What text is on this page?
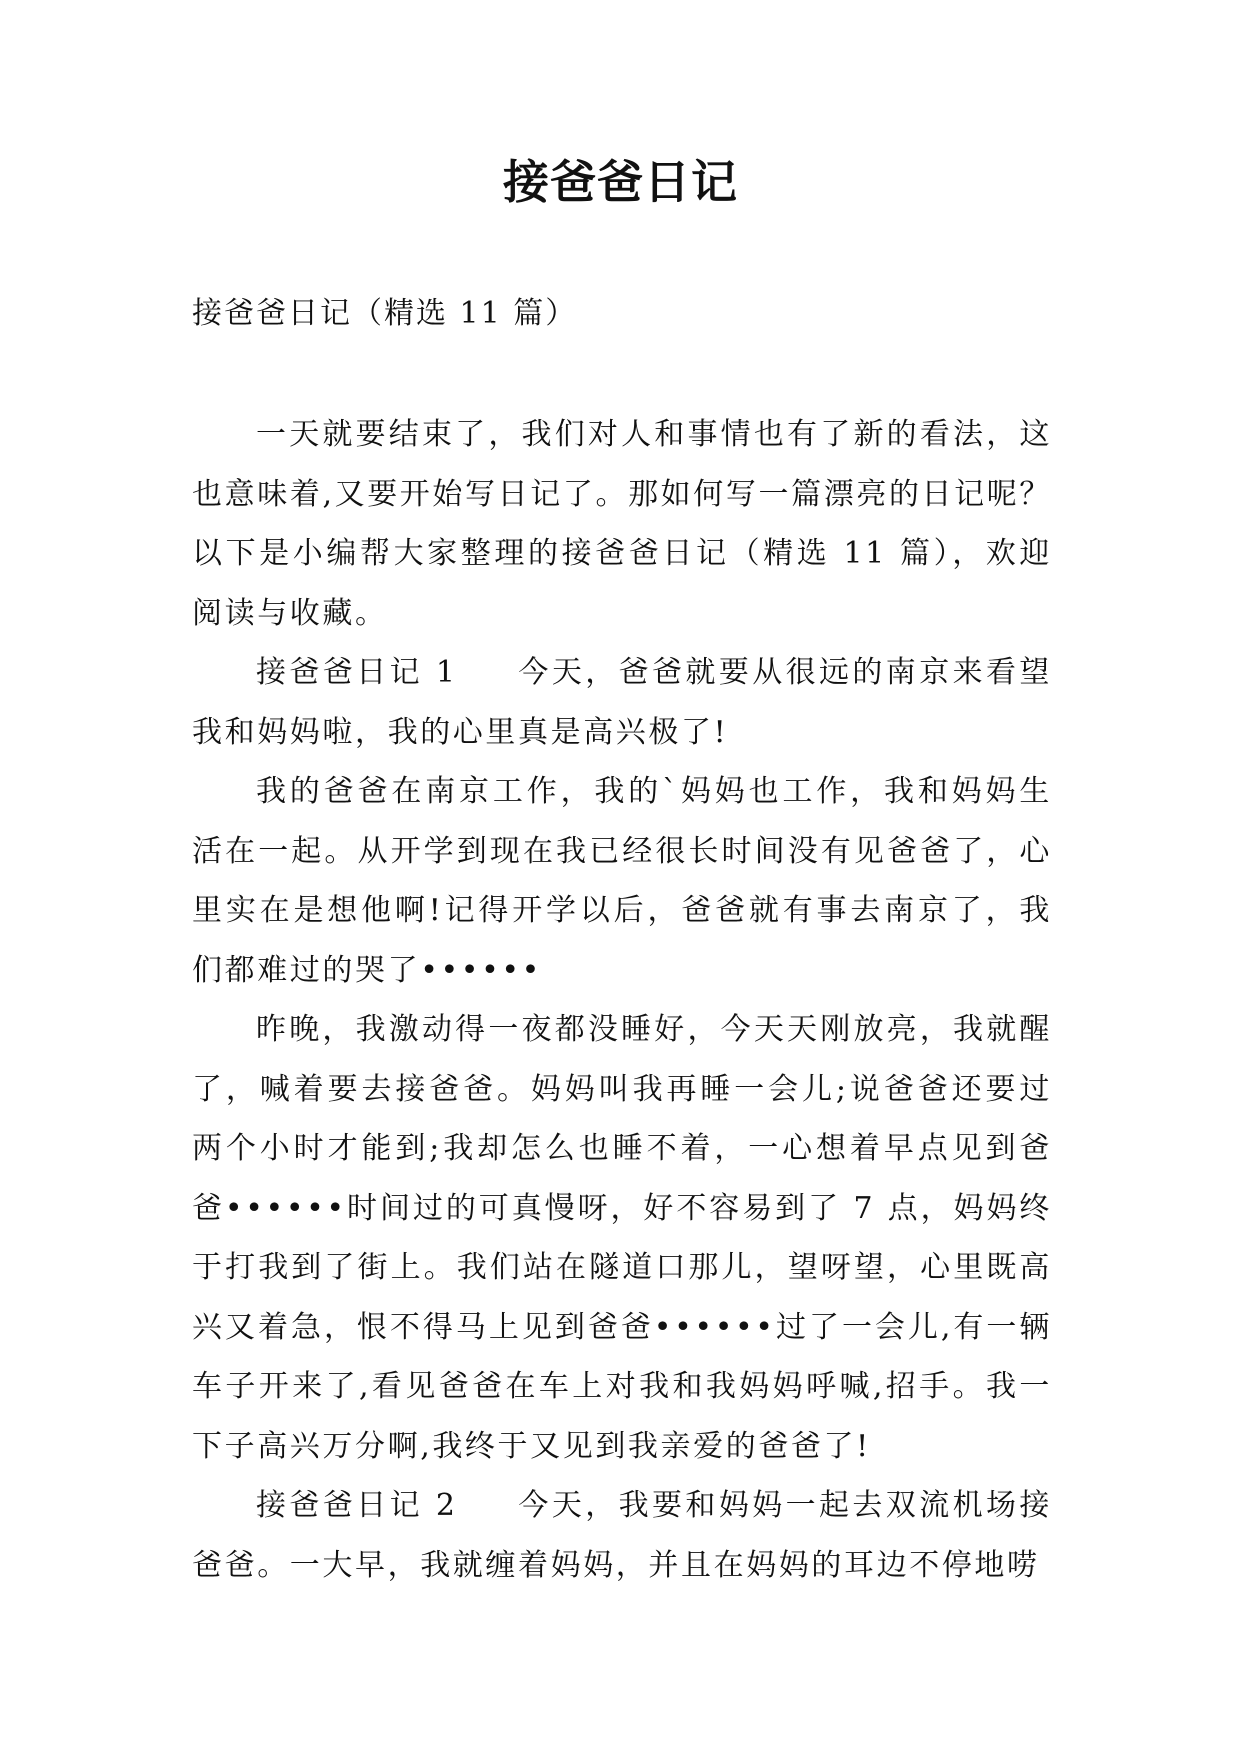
接爸爸日记
接爸爸日记（精选 11 篇）

一天就要结束了，我们对人和事情也有了新的看法，这也意味着,又要开始写日记了。那如何写一篇漂亮的日记呢？以下是小编帮大家整理的接爸爸日记（精选 11 篇），欢迎阅读与收藏。

接爸爸日记 1 今天，爸爸就要从很远的南京来看望我和妈妈啦，我的心里真是高兴极了!

我的爸爸在南京工作，我的`妈妈也工作，我和妈妈生活在一起。从开学到现在我已经很长时间没有见爸爸了，心里实在是想他啊!记得开学以后，爸爸就有事去南京了，我们都难过的哭了••••••

昨晚，我激动得一夜都没睡好，今天天刚放亮，我就醒了，喊着要去接爸爸。妈妈叫我再睡一会儿;说爸爸还要过两个小时才能到;我却怎么也睡不着，一心想着早点见到爸爸••••••时间过的可真慢呀，好不容易到了 7 点，妈妈终于打我到了街上。我们站在隧道口那儿，望呀望，心里既高兴又着急，恨不得马上见到爸爸••••••过了一会儿,有一辆车子开来了,看见爸爸在车上对我和我妈妈呼喊,招手。我一下子高兴万分啊,我终于又见到我亲爱的爸爸了!

接爸爸日记 2 今天，我要和妈妈一起去双流机场接爸爸。一大早，我就缠着妈妈，并且在妈妈的耳边不停地唠
